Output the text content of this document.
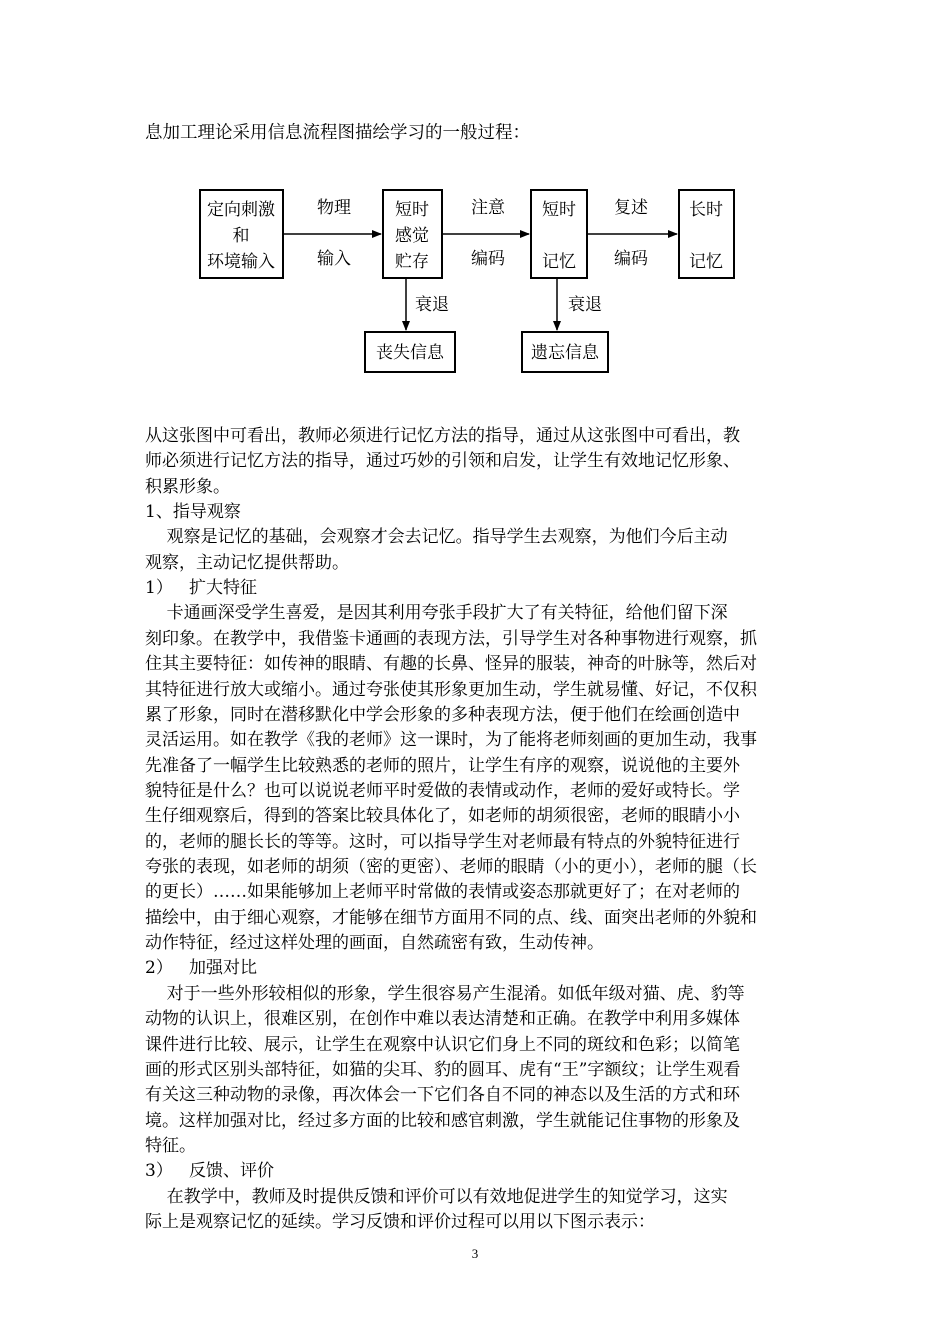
息加工理论采用信息流程图描绘学习的一般过程：
定向刺激
和
环境输入
短时
感觉
贮存
短时
记忆
长时
记忆
物理
输入
注意
编码
复述
编码
衰退	衰退
丧失信息	遗忘信息
从这张图中可看出，教师必须进行记忆方法的指导，通过从这张图中可看出，教
师必须进行记忆方法的指导，通过巧妙的引领和启发，让学生有效地记忆形象、
积累形象。
1、指导观察
观察是记忆的基础，会观察才会去记忆。指导学生去观察，为他们今后主动
观察，主动记忆提供帮助。
1）   扩大特征
卡通画深受学生喜爱，是因其利用夸张手段扩大了有关特征，给他们留下深
刻印象。在教学中，我借鉴卡通画的表现方法，引导学生对各种事物进行观察，抓
住其主要特征：如传神的眼睛、有趣的长鼻、怪异的服装，神奇的叶脉等，然后对
其特征进行放大或缩小。通过夸张使其形象更加生动，学生就易懂、好记，不仅积
累了形象，同时在潜移默化中学会形象的多种表现方法，便于他们在绘画创造中
灵活运用。如在教学《我的老师》这一课时，为了能将老师刻画的更加生动，我事
先准备了一幅学生比较熟悉的老师的照片，让学生有序的观察，说说他的主要外
貌特征是什么？也可以说说老师平时爱做的表情或动作，老师的爱好或特长。学
生仔细观察后，得到的答案比较具体化了，如老师的胡须很密，老师的眼睛小小
的，老师的腿长长的等等。这时，可以指导学生对老师最有特点的外貌特征进行
夸张的表现，如老师的胡须（密的更密）、老师的眼睛（小的更小），老师的腿（长
的更长）……如果能够加上老师平时常做的表情或姿态那就更好了；在对老师的
描绘中，由于细心观察，才能够在细节方面用不同的点、线、面突出老师的外貌和
动作特征，经过这样处理的画面，自然疏密有致，生动传神。
2）   加强对比
对于一些外形较相似的形象，学生很容易产生混淆。如低年级对猫、虎、豹等
动物的认识上，很难区别，在创作中难以表达清楚和正确。在教学中利用多媒体
课件进行比较、展示，让学生在观察中认识它们身上不同的斑纹和色彩；以简笔
画的形式区别头部特征，如猫的尖耳、豹的圆耳、虎有“王”字额纹；让学生观看
有关这三种动物的录像，再次体会一下它们各自不同的神态以及生活的方式和环
境。这样加强对比，经过多方面的比较和感官刺激，学生就能记住事物的形象及
特征。
3）   反馈、评价
在教学中，教师及时提供反馈和评价可以有效地促进学生的知觉学习，这实
际上是观察记忆的延续。学习反馈和评价过程可以用以下图示表示：
3
